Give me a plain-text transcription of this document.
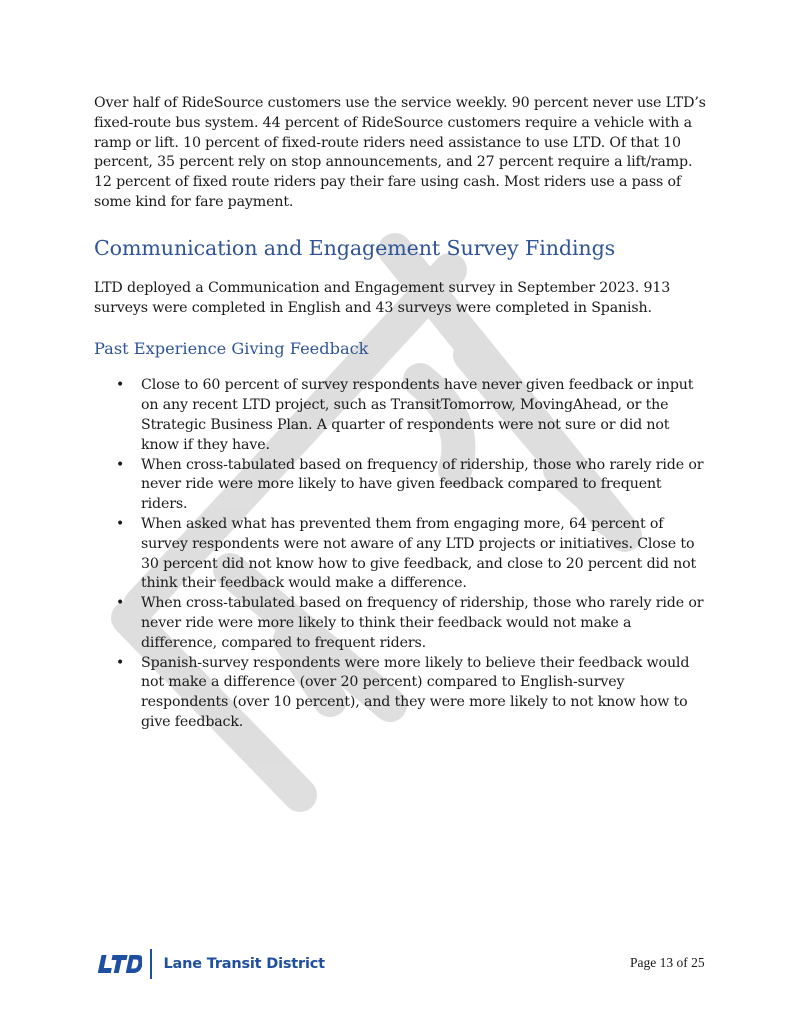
Over half of RideSource customers use the service weekly. 90 percent never use LTD’s fixed-route bus system. 44 percent of RideSource customers require a vehicle with a ramp or lift. 10 percent of fixed-route riders need assistance to use LTD. Of that 10 percent, 35 percent rely on stop announcements, and 27 percent require a lift/ramp. 12 percent of fixed route riders pay their fare using cash. Most riders use a pass of some kind for fare payment.

Communication and Engagement Survey Findings

LTD deployed a Communication and Engagement survey in September 2023. 913 surveys were completed in English and 43 surveys were completed in Spanish.

Past Experience Giving Feedback
• Close to 60 percent of survey respondents have never given feedback or input on any recent LTD project, such as TransitTomorrow, MovingAhead, or the Strategic Business Plan. A quarter of respondents were not sure or did not know if they have.
• When cross-tabulated based on frequency of ridership, those who rarely ride or never ride were more likely to have given feedback compared to frequent riders.
• When asked what has prevented them from engaging more, 64 percent of survey respondents were not aware of any LTD projects or initiatives. Close to 30 percent did not know how to give feedback, and close to 20 percent did not think their feedback would make a difference.
• When cross-tabulated based on frequency of ridership, those who rarely ride or never ride were more likely to think their feedback would not make a difference, compared to frequent riders.
• Spanish-survey respondents were more likely to believe their feedback would not make a difference (over 20 percent) compared to English-survey respondents (over 10 percent), and they were more likely to not know how to give feedback.
Lane Transit District	Page 13 of 25
